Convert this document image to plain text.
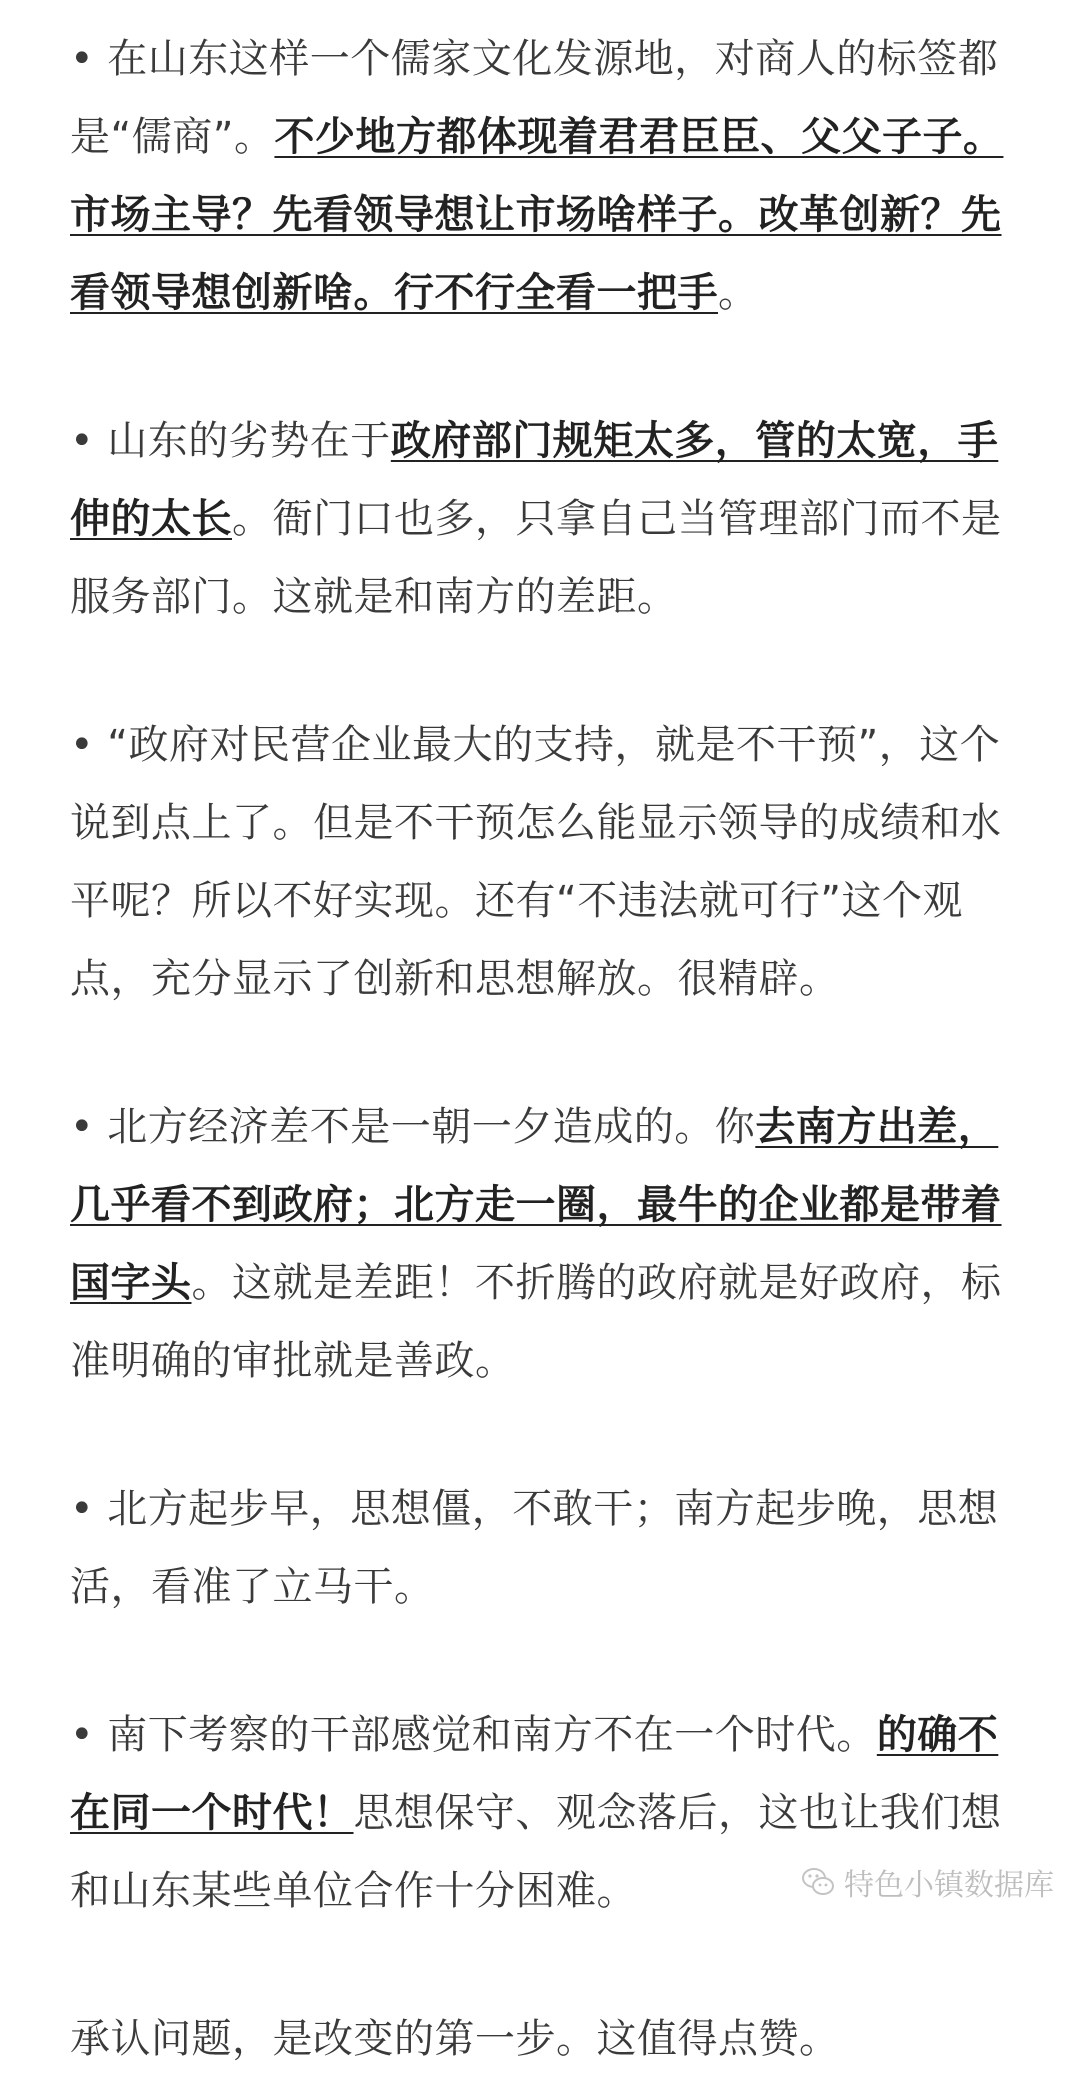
• 在山东这样一个儒家文化发源地，对商人的标签都是“儒商”。不少地方都体现着君君臣臣、父父子子。市场主导？先看领导想让市场啥样子。改革创新？先看领导想创新啥。行不行全看一把手。

• 山东的劣势在于政府部门规矩太多，管的太宽，手伸的太长。衙门口也多，只拿自己当管理部门而不是服务部门。这就是和南方的差距。

• “政府对民营企业最大的支持，就是不干预”，这个说到点上了。但是不干预怎么能显示领导的成绩和水平呢？所以不好实现。还有“不违法就可行”这个观点，充分显示了创新和思想解放。很精辟。

• 北方经济差不是一朝一夕造成的。你去南方出差，几乎看不到政府；北方走一圈，最牛的企业都是带着国字头。这就是差距！不折腾的政府就是好政府，标准明确的审批就是善政。

• 北方起步早，思想僵，不敢干；南方起步晚，思想活，看准了立马干。

• 南下考察的干部感觉和南方不在一个时代。的确不在同一个时代！思想保守、观念落后，这也让我们想和山东某些单位合作十分困难。

承认问题，是改变的第一步。这值得点赞。

特色小镇数据库
